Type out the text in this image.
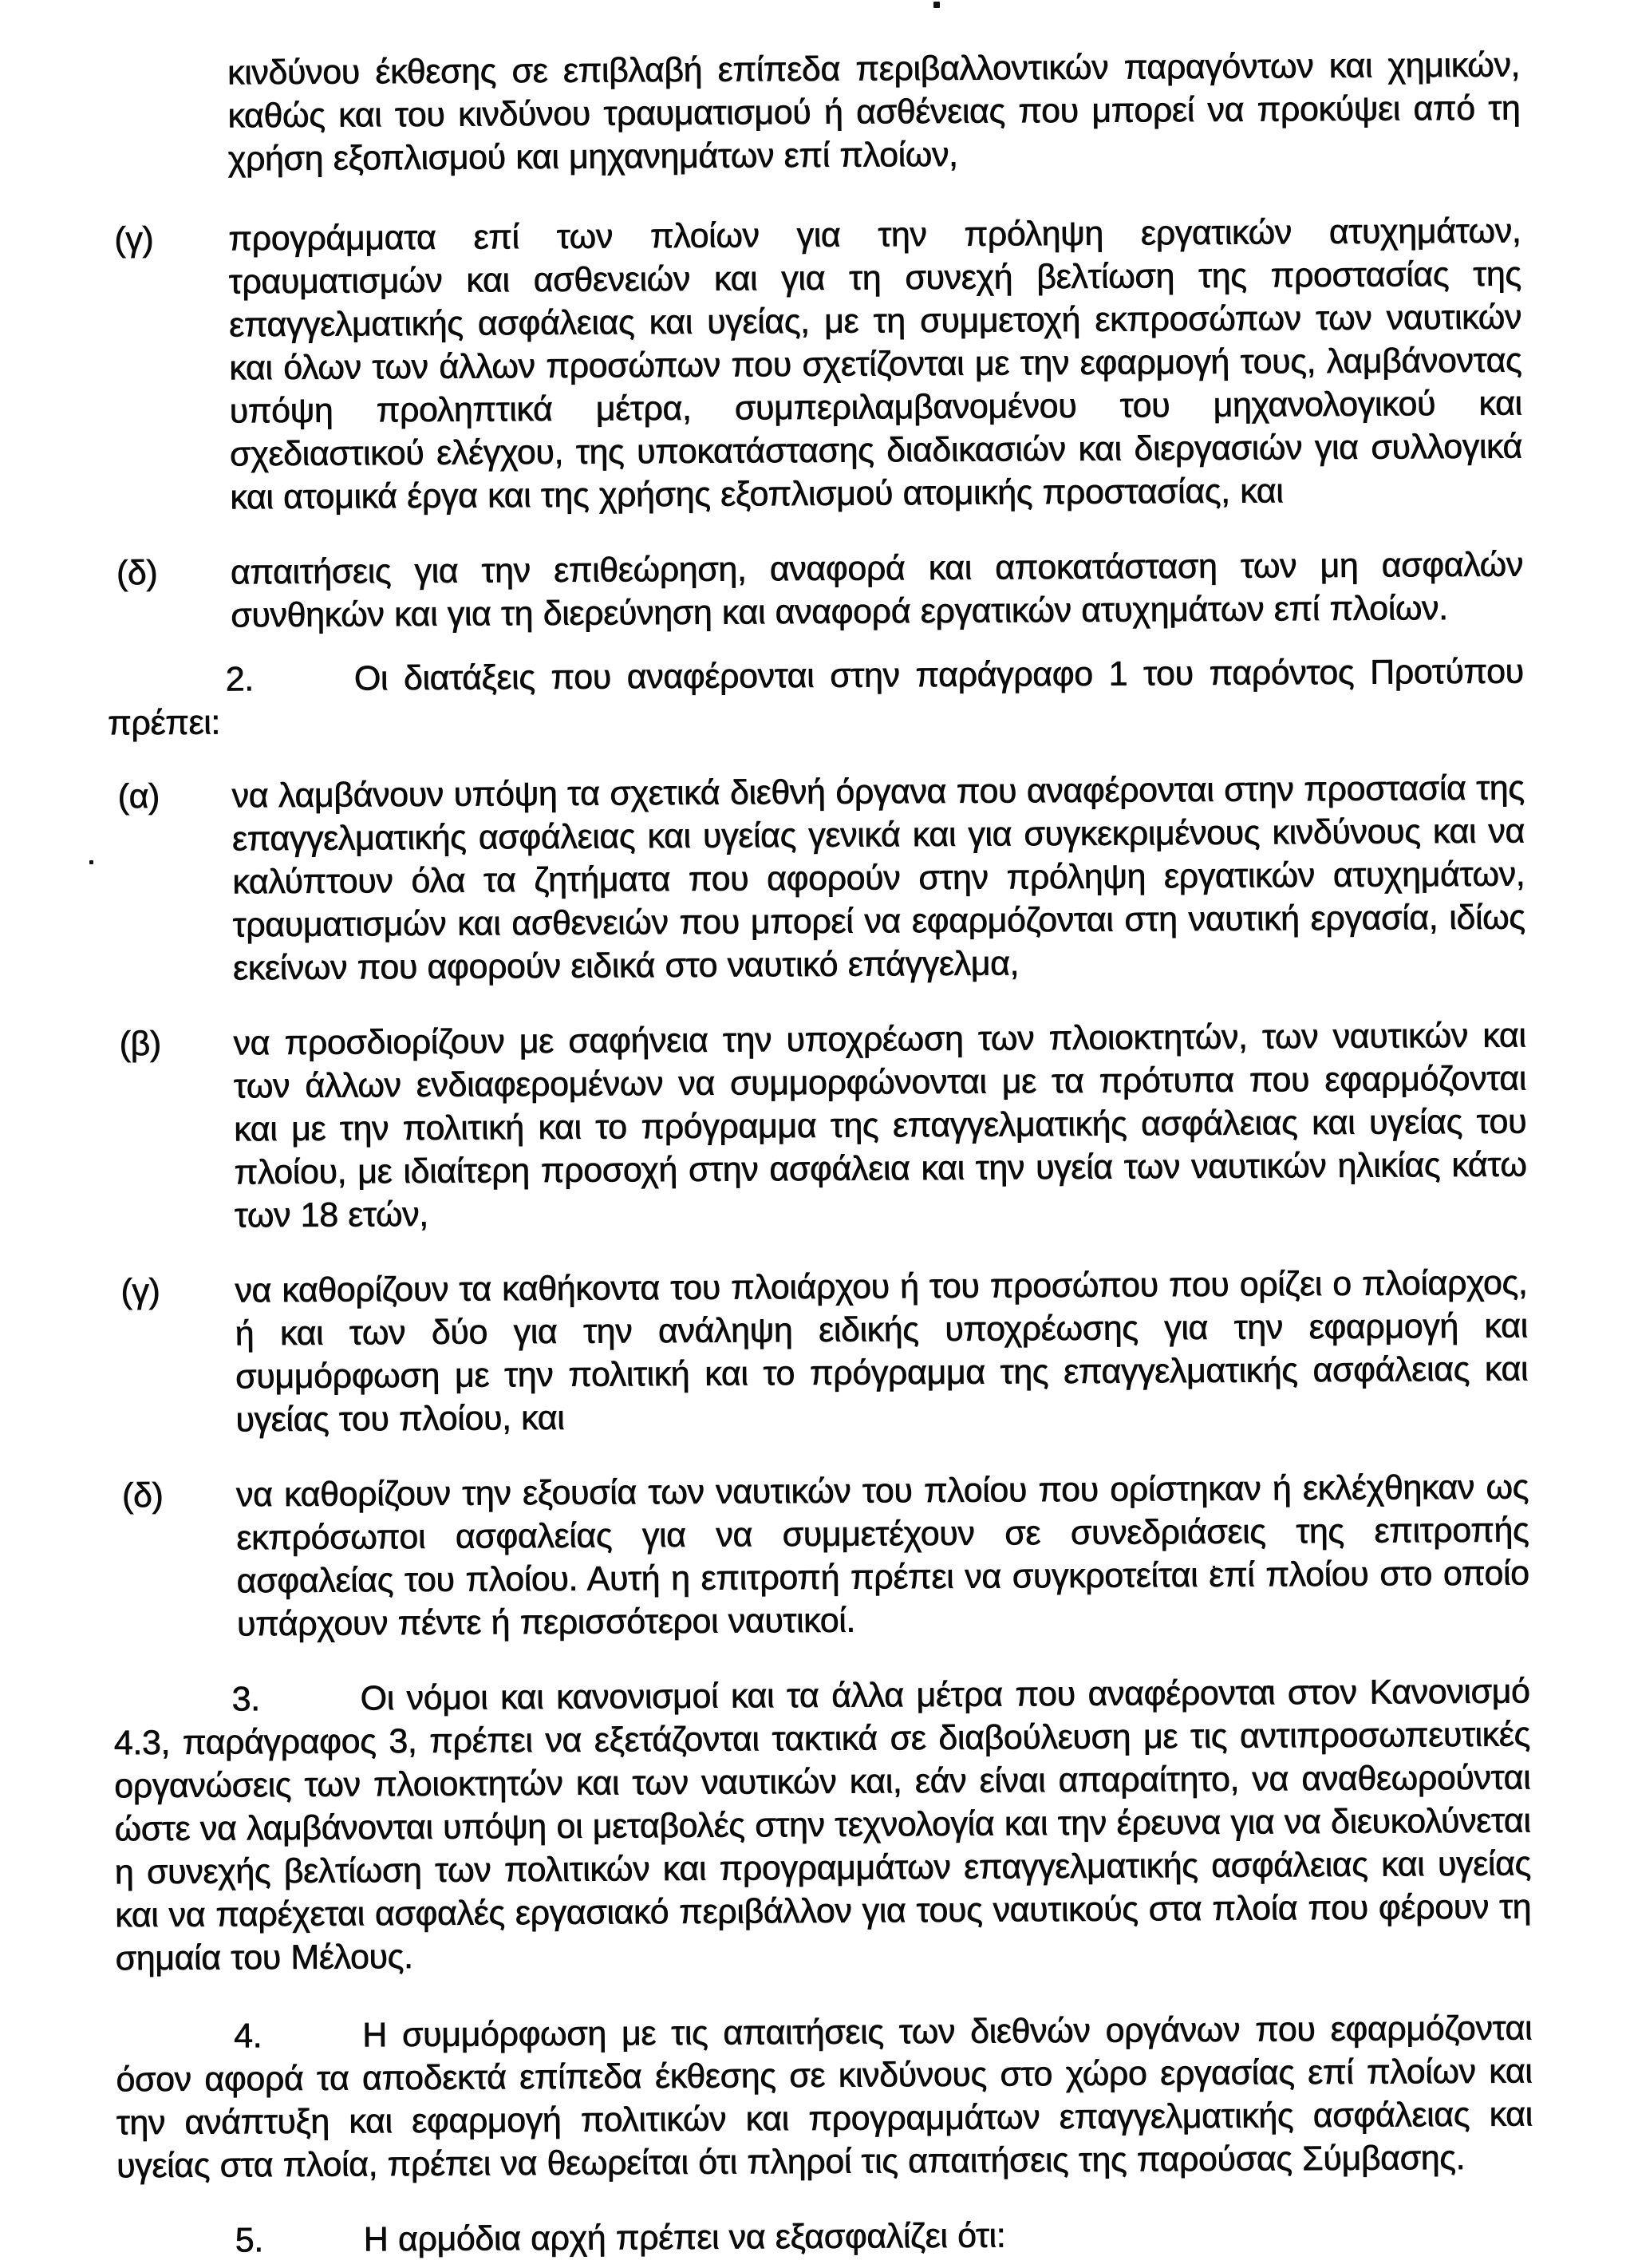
κινδύνου έκθεσης σε επιβλαβή επίπεδα περιβαλλοντικών παραγόντων και χημικών, καθώς και του κινδύνου τραυματισμού ή ασθένειας που μπορεί να προκύψει από τη χρήση εξοπλισμού και μηχανημάτων επί πλοίων,

(γ) προγράμματα επί των πλοίων για την πρόληψη εργατικών ατυχημάτων, τραυματισμών και ασθενειών και για τη συνεχή βελτίωση της προστασίας της επαγγελματικής ασφάλειας και υγείας, με τη συμμετοχή εκπροσώπων των ναυτικών και όλων των άλλων προσώπων που σχετίζονται με την εφαρμογή τους, λαμβάνοντας υπόψη προληπτικά μέτρα, συμπεριλαμβανομένου του μηχανολογικού και σχεδιαστικού ελέγχου, της υποκατάστασης διαδικασιών και διεργασιών για συλλογικά και ατομικά έργα και της χρήσης εξοπλισμού ατομικής προστασίας, και

(δ) απαιτήσεις για την επιθεώρηση, αναφορά και αποκατάσταση των μη ασφαλών συνθηκών και για τη διερεύνηση και αναφορά εργατικών ατυχημάτων επί πλοίων.

2.	Οι διατάξεις που αναφέρονται στην παράγραφο 1 του παρόντος Προτύπου πρέπει:

(α) να λαμβάνουν υπόψη τα σχετικά διεθνή όργανα που αναφέρονται στην προστασία της επαγγελματικής ασφάλειας και υγείας γενικά και για συγκεκριμένους κινδύνους και να καλύπτουν όλα τα ζητήματα που αφορούν στην πρόληψη εργατικών ατυχημάτων, τραυματισμών και ασθενειών που μπορεί να εφαρμόζονται στη ναυτική εργασία, ιδίως εκείνων που αφορούν ειδικά στο ναυτικό επάγγελμα,

(β) να προσδιορίζουν με σαφήνεια την υποχρέωση των πλοιοκτητών, των ναυτικών και των άλλων ενδιαφερομένων να συμμορφώνονται με τα πρότυπα που εφαρμόζονται και με την πολιτική και το πρόγραμμα της επαγγελματικής ασφάλειας και υγείας του πλοίου, με ιδιαίτερη προσοχή στην ασφάλεια και την υγεία των ναυτικών ηλικίας κάτω των 18 ετών,

(γ) να καθορίζουν τα καθήκοντα του πλοιάρχου ή του προσώπου που ορίζει ο πλοίαρχος, ή και των δύο για την ανάληψη ειδικής υποχρέωσης για την εφαρμογή και συμμόρφωση με την πολιτική και το πρόγραμμα της επαγγελματικής ασφάλειας και υγείας του πλοίου, και

(δ) να καθορίζουν την εξουσία των ναυτικών του πλοίου που ορίστηκαν ή εκλέχθηκαν ως εκπρόσωποι ασφαλείας για να συμμετέχουν σε συνεδριάσεις της επιτροπής ασφαλείας του πλοίου. Αυτή η επιτροπή πρέπει να συγκροτείται επί πλοίου στο οποίο υπάρχουν πέντε ή περισσότεροι ναυτικοί.

3.	Οι νόμοι και κανονισμοί και τα άλλα μέτρα που αναφέρονται στον Κανονισμό 4.3, παράγραφος 3, πρέπει να εξετάζονται τακτικά σε διαβούλευση με τις αντιπροσωπευτικές οργανώσεις των πλοιοκτητών και των ναυτικών και, εάν είναι απαραίτητο, να αναθεωρούνται ώστε να λαμβάνονται υπόψη οι μεταβολές στην τεχνολογία και την έρευνα για να διευκολύνεται η συνεχής βελτίωση των πολιτικών και προγραμμάτων επαγγελματικής ασφάλειας και υγείας και να παρέχεται ασφαλές εργασιακό περιβάλλον για τους ναυτικούς στα πλοία που φέρουν τη σημαία του Μέλους.

4.	Η συμμόρφωση με τις απαιτήσεις των διεθνών οργάνων που εφαρμόζονται όσον αφορά τα αποδεκτά επίπεδα έκθεσης σε κινδύνους στο χώρο εργασίας επί πλοίων και την ανάπτυξη και εφαρμογή πολιτικών και προγραμμάτων επαγγελματικής ασφάλειας και υγείας στα πλοία, πρέπει να θεωρείται ότι πληροί τις απαιτήσεις της παρούσας Σύμβασης.

5.	Η αρμόδια αρχή πρέπει να εξασφαλίζει ότι:
